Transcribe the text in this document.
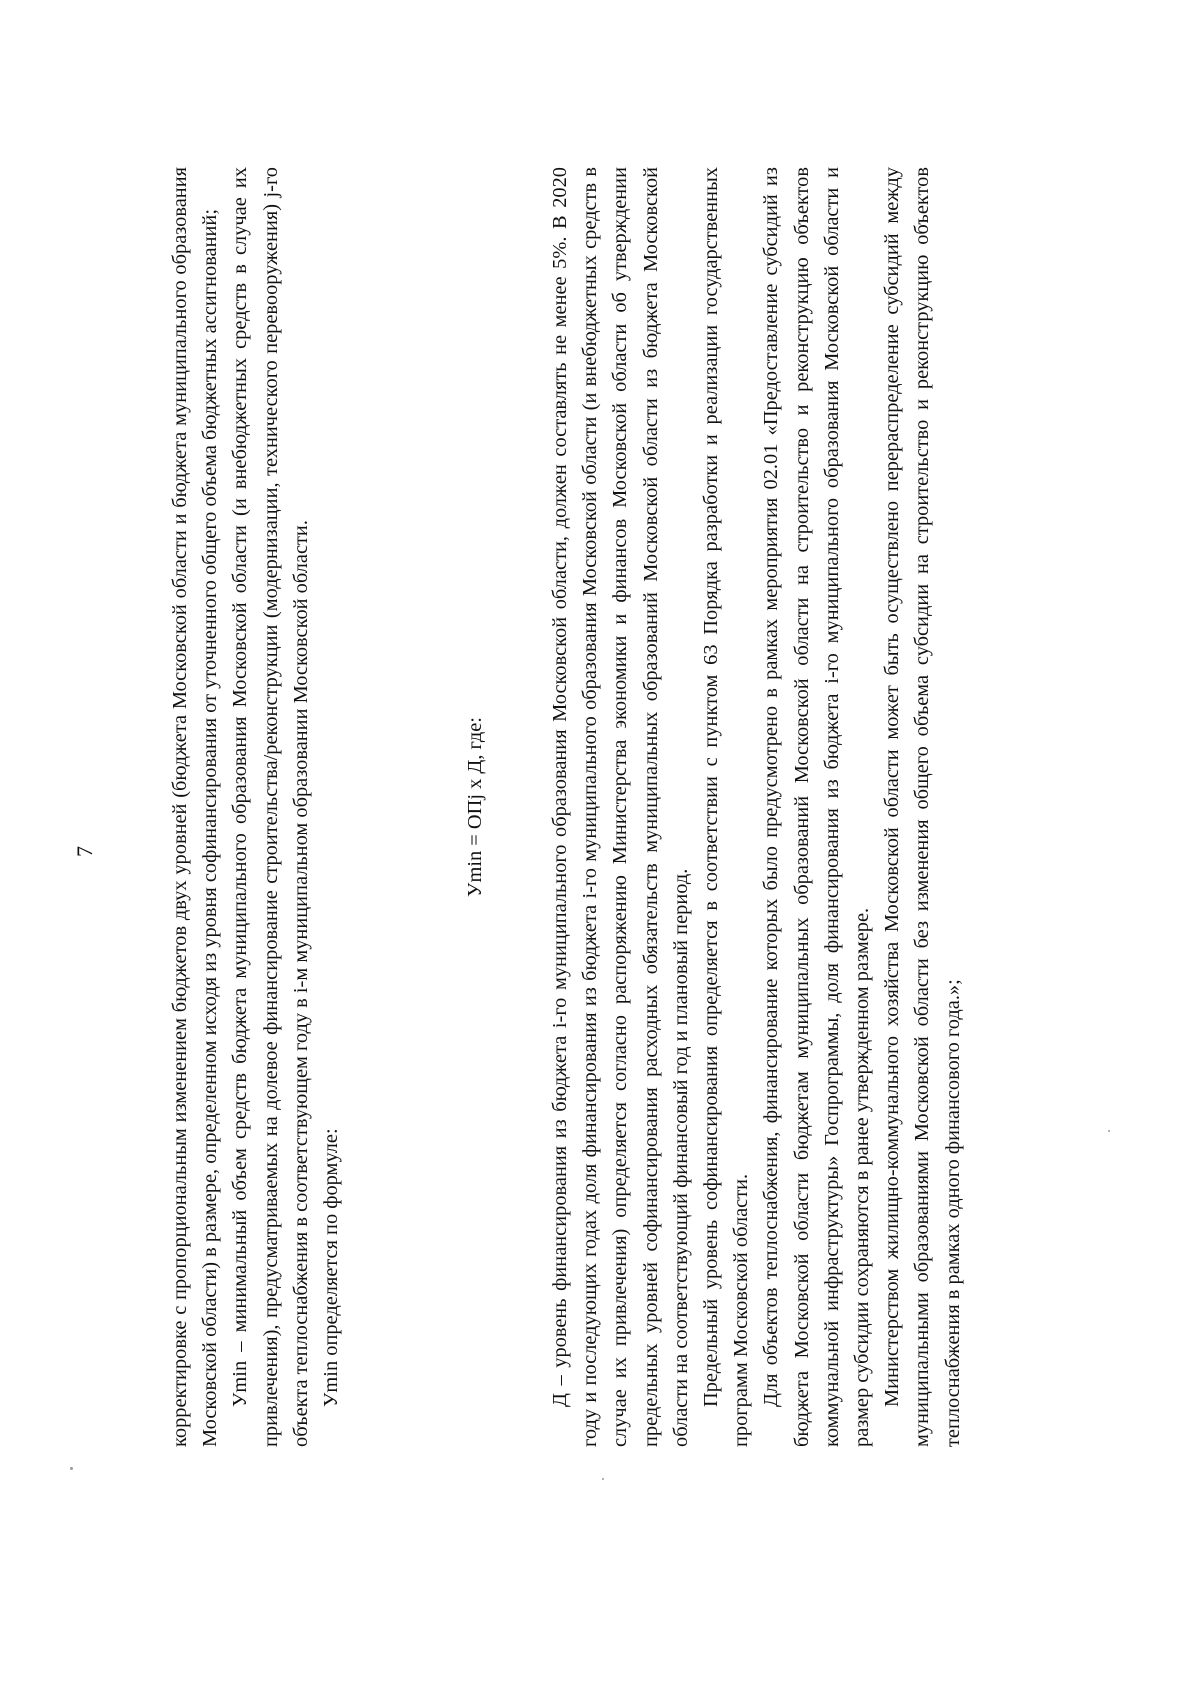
7	корректировке с пропорциональным изменением бюджетов двух уровней (бюджета Московской области и бюджета муниципального образования Московской области) в размере, определенном исходя из уровня софинансирования от уточненного общего объема бюджетных ассигнований; Уmin – минимальный объем средств бюджета муниципального образования Московской области (и внебюджетных средств в случае их привлечения), предусматриваемых на долевое финансирование строительства/реконструкции (модернизации, технического перевооружения) j-го объекта теплоснабжения в соответствующем году в i-м муниципальном образовании Московской области. Уmin определяется по формуле:

Уmin = ОПj х Д, где:	Д – уровень финансирования из бюджета i-го муниципального образования Московской области, должен составлять не менее 5%. В 2020 году и последующих годах доля финансирования из бюджета i-го муниципального образования Московской области (и внебюджетных средств в случае их привлечения) определяется согласно распоряжению Министерства экономики и финансов Московской области об утверждении предельных уровней софинансирования расходных обязательств муниципальных образований Московской области из бюджета Московской области на соответствующий финансовый год и плановый период. Предельный уровень софинансирования определяется в соответствии с пунктом 63 Порядка разработки и реализации государственных программ Московской области. Для объектов теплоснабжения, финансирование которых было предусмотрено в рамках мероприятия 02.01 «Предоставление субсидий из бюджета Московской области бюджетам муниципальных образований Московской области на строительство и реконструкцию объектов коммунальной инфраструктуры» Госпрограммы, доля финансирования из бюджета i-го муниципального образования Московской области и размер субсидии сохраняются в ранее утвержденном размере. Министерством жилищно-коммунального хозяйства Московской области может быть осуществлено перераспределение субсидий между муниципальными образованиями Московской области без изменения общего объема субсидии на строительство и реконструкцию объектов теплоснабжения в рамках одного финансового года.»;
